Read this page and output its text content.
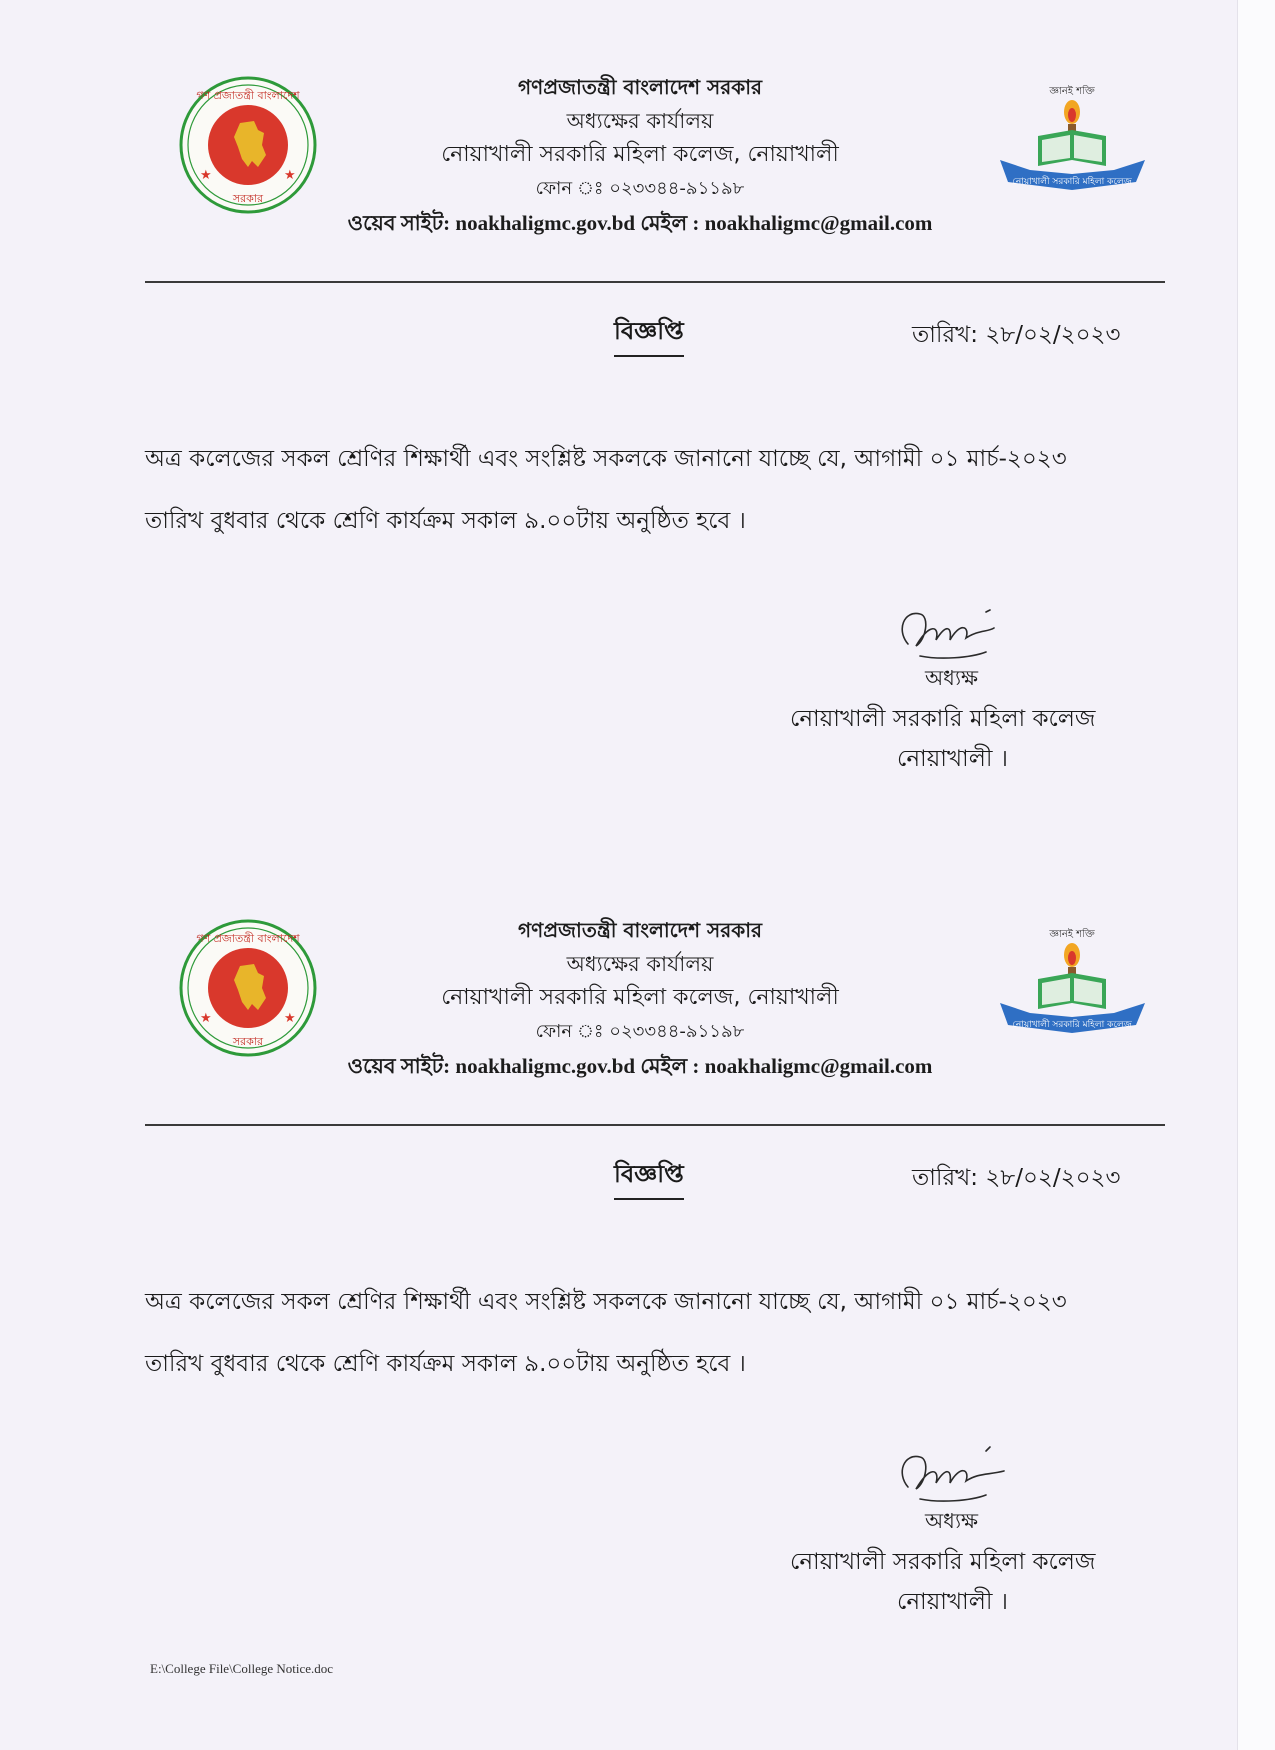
গণ প্রজাতন্ত্রী বাংলাদেশ
সরকার
★	★
জ্ঞানই শক্তি
নোয়াখালী সরকারি মহিলা কলেজ
গণপ্রজাতন্ত্রী বাংলাদেশ সরকার
অধ্যক্ষের কার্যালয়
নোয়াখালী সরকারি মহিলা কলেজ, নোয়াখালী
ফোন ঃ ০২৩৩৪৪-৯১১৯৮
ওয়েব সাইট: noakhaligmc.gov.bd মেইল : noakhaligmc@gmail.com
বিজ্ঞপ্তি	তারিখ: ২৮/০২/২০২৩
অত্র কলেজের সকল শ্রেণির শিক্ষার্থী এবং সংশ্লিষ্ট সকলকে জানানো যাচ্ছে যে, আগামী ০১ মার্চ-২০২৩
তারিখ বুধবার থেকে শ্রেণি কার্যক্রম সকাল ৯.০০টায় অনুষ্ঠিত হবে ।
অধ্যক্ষ
নোয়াখালী সরকারি মহিলা কলেজ
নোয়াখালী ।
গণ প্রজাতন্ত্রী বাংলাদেশ
সরকার
★	★
জ্ঞানই শক্তি
নোয়াখালী সরকারি মহিলা কলেজ
গণপ্রজাতন্ত্রী বাংলাদেশ সরকার
অধ্যক্ষের কার্যালয়
নোয়াখালী সরকারি মহিলা কলেজ, নোয়াখালী
ফোন ঃ ০২৩৩৪৪-৯১১৯৮
ওয়েব সাইট: noakhaligmc.gov.bd মেইল : noakhaligmc@gmail.com
বিজ্ঞপ্তি	তারিখ: ২৮/০২/২০২৩
অত্র কলেজের সকল শ্রেণির শিক্ষার্থী এবং সংশ্লিষ্ট সকলকে জানানো যাচ্ছে যে, আগামী ০১ মার্চ-২০২৩
তারিখ বুধবার থেকে শ্রেণি কার্যক্রম সকাল ৯.০০টায় অনুষ্ঠিত হবে ।
অধ্যক্ষ
নোয়াখালী সরকারি মহিলা কলেজ
নোয়াখালী ।
E:\College File\College Notice.doc
